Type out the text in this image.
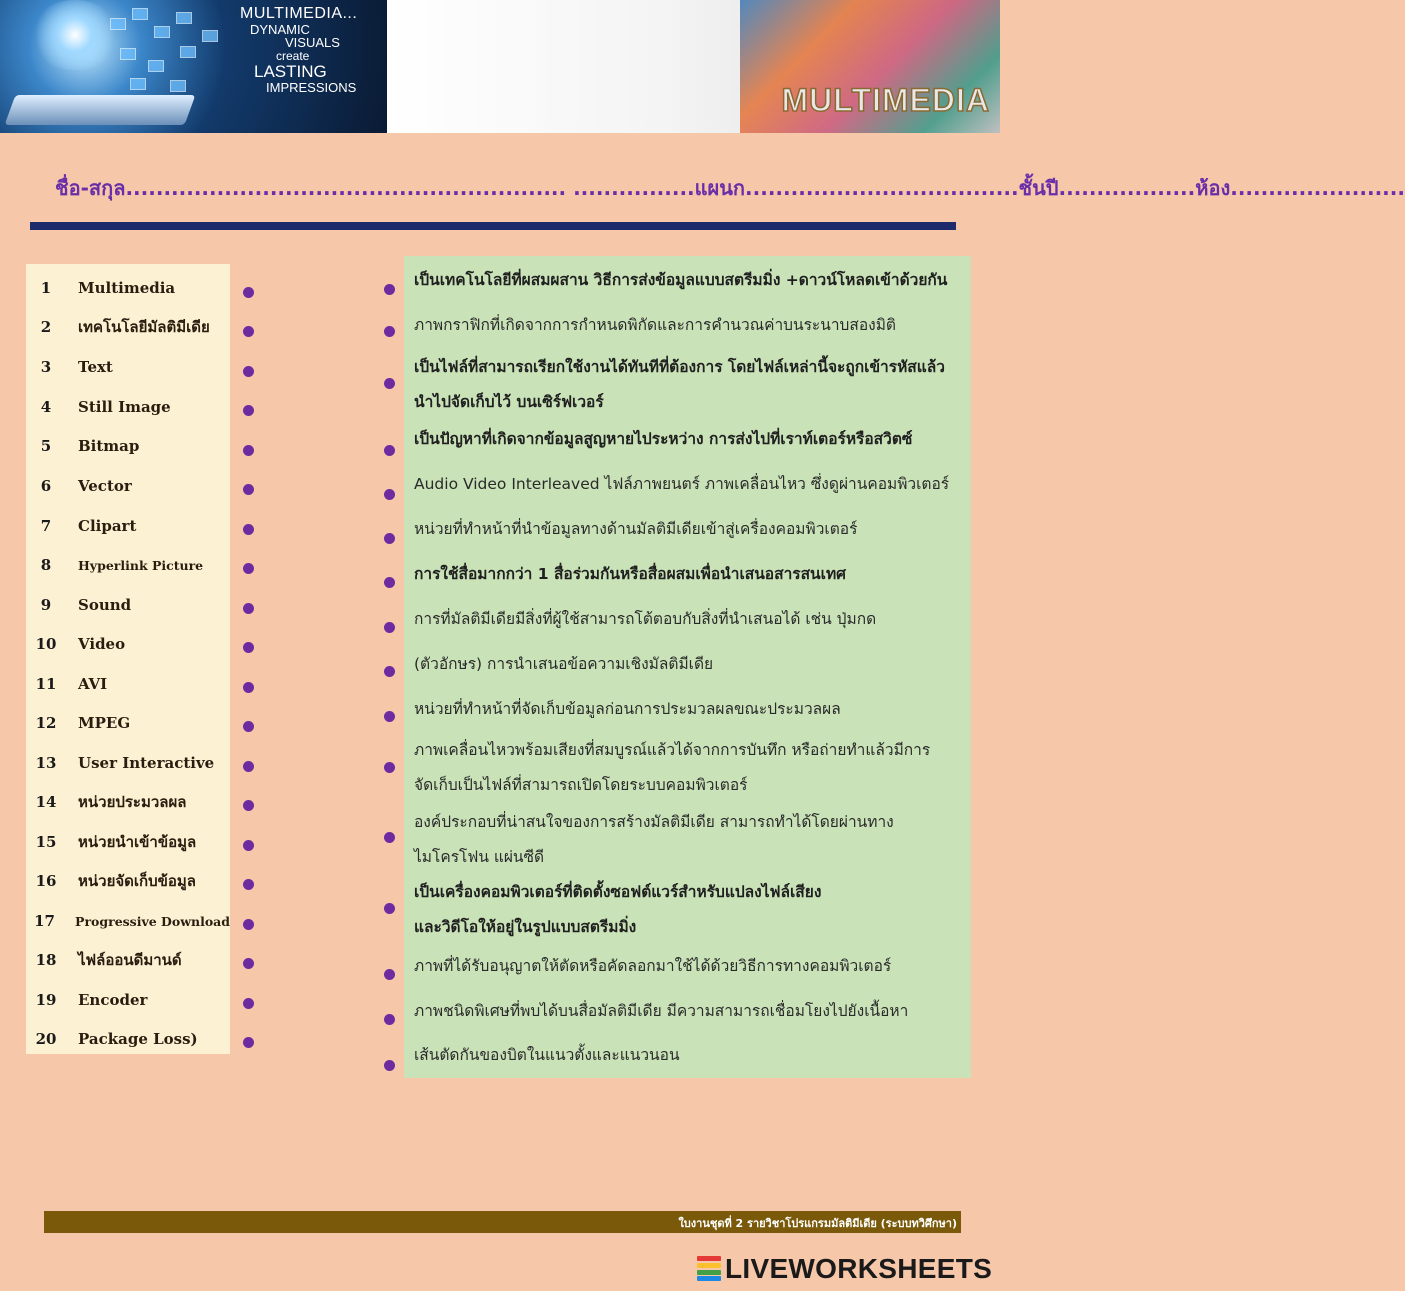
MULTIMEDIA...
DYNAMIC
VISUALS
create
LASTING
IMPRESSIONS	MULTIMEDIA
ชื่อ-สกุล.......................................................... ................แผนก....................................ชั้นปี..................ห้อง.......................
1	Multimedia
2	เทคโนโลยีมัลติมีเดีย
3	Text
4	Still Image
5	Bitmap
6	Vector
7	Clipart
8	Hyperlink Picture
9	Sound
10	Video
11	AVI
12	MPEG
13	User Interactive
14	หน่วยประมวลผล
15	หน่วยนำเข้าข้อมูล
16	หน่วยจัดเก็บข้อมูล
17	Progressive Download
18	ไฟล์ออนดีมานด์
19	Encoder
20	Package Loss)
เป็นเทคโนโลยีที่ผสมผสาน วิธีการส่งข้อมูลแบบสตรีมมิ่ง +ดาวน์โหลดเข้าด้วยกัน
ภาพกราฟิกที่เกิดจากการกำหนดพิกัดและการคำนวณค่าบนระนาบสองมิติ
เป็นไฟล์ที่สามารถเรียกใช้งานได้ทันทีที่ต้องการ โดยไฟล์เหล่านี้จะถูกเข้ารหัสแล้ว
นำไปจัดเก็บไว้ บนเซิร์ฟเวอร์
เป็นปัญหาที่เกิดจากข้อมูลสูญหายไประหว่าง การส่งไปที่เราท์เตอร์หรือสวิตซ์
Audio Video Interleaved ไฟล์ภาพยนตร์ ภาพเคลื่อนไหว ซึ่งดูผ่านคอมพิวเตอร์
หน่วยที่ทำหน้าที่นำข้อมูลทางด้านมัลติมีเดียเข้าสู่เครื่องคอมพิวเตอร์
การใช้สื่อมากกว่า 1 สื่อร่วมกันหรือสื่อผสมเพื่อนำเสนอสารสนเทศ
การที่มัลติมีเดียมีสิ่งที่ผู้ใช้สามารถโต้ตอบกับสิ่งที่นำเสนอได้ เช่น ปุ่มกด
(ตัวอักษร) การนำเสนอข้อความเชิงมัลติมีเดีย
หน่วยที่ทำหน้าที่จัดเก็บข้อมูลก่อนการประมวลผลขณะประมวลผล
ภาพเคลื่อนไหวพร้อมเสียงที่สมบูรณ์แล้วได้จากการบันทึก หรือถ่ายทำแล้วมีการ
จัดเก็บเป็นไฟล์ที่สามารถเปิดโดยระบบคอมพิวเตอร์
องค์ประกอบที่น่าสนใจของการสร้างมัลติมีเดีย สามารถทำได้โดยผ่านทาง
ไมโครโฟน แผ่นซีดี
เป็นเครื่องคอมพิวเตอร์ที่ติดตั้งซอฟต์แวร์สำหรับแปลงไฟล์เสียง
และวิดีโอให้อยู่ในรูปแบบสตรีมมิ่ง
ภาพที่ได้รับอนุญาตให้ตัดหรือคัดลอกมาใช้ได้ด้วยวิธีการทางคอมพิวเตอร์
ภาพชนิดพิเศษที่พบได้บนสื่อมัลติมีเดีย มีความสามารถเชื่อมโยงไปยังเนื้อหา
เส้นตัดกันของบิตในแนวตั้งและแนวนอน
ใบงานชุดที่ 2 รายวิชาโปรแกรมมัลติมีเดีย (ระบบทวิศึกษา)
LIVEWORKSHEETS
